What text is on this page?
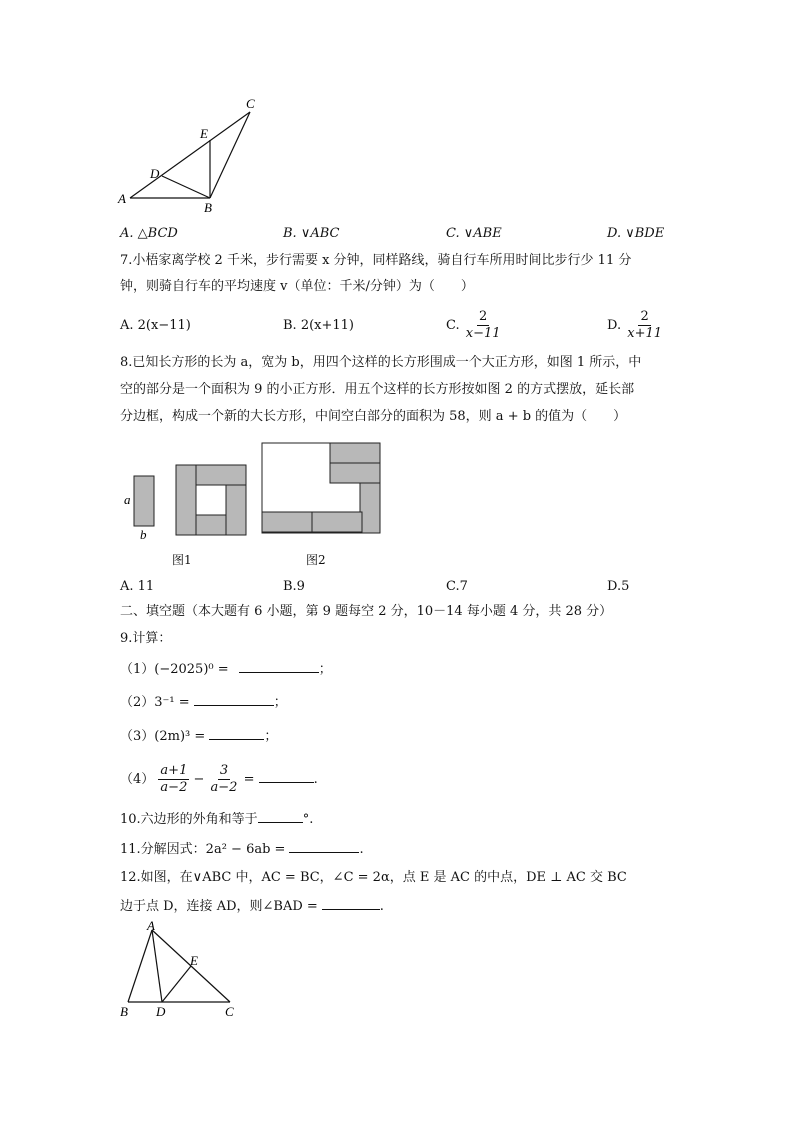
A
B
C
D
E
A. △BCD	B. ∨ABC	C. ∨ABE	D. ∨BDE
7.小梧家离学校 2 千米，步行需要 x 分钟，同样路线，骑自行车所用时间比步行少 11 分
钟，则骑自行车的平均速度 v（单位：千米/分钟）为（　　）
A. 2(x−11)	B. 2(x+11)	C. $\frac{2}{x-11}$	D. $\frac{2}{x+11}$
8.已知长方形的长为 a，宽为 b，用四个这样的长方形围成一个大正方形，如图 1 所示，中
空的部分是一个面积为 9 的小正方形．用五个这样的长方形按如图 2 的方式摆放，延长部
分边框，构成一个新的大长方形，中间空白部分的面积为 58，则 a + b 的值为（　　）
a
b
图1	图2
A. 11	B.9	C.7	D.5
二、填空题（本大题有 6 小题，第 9 题每空 2 分，10－14 每小题 4 分，共 28 分）
9.计算：
（1）(−2025)⁰ =	；
（2）3⁻¹ =	；
（3）(2m)³ =	；
$(4) \frac{a+1}{a-2} - \frac{3}{a-2}$ =	.
10.六边形的外角和等于	°.
11.分解因式：2a² − 6ab =	.
12.如图，在∨ABC 中，AC = BC，∠C = 2α，点 E 是 AC 的中点，DE ⊥ AC 交 BC
边于点 D，连接 AD，则∠BAD =	.
A
B	C
D
E
